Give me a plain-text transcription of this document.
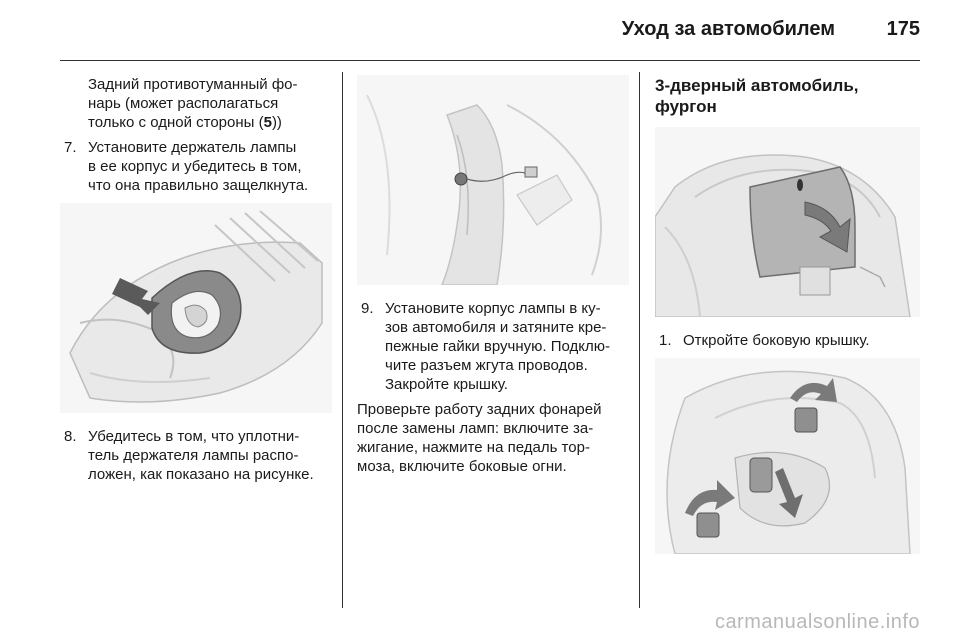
Уход за автомобилем	175

Задний противотуманный фо-
нарь (может располагаться
только с одной стороны (5))

7. Установите держатель лампы
в ее корпус и убедитесь в том,
что она правильно защелкнута.
8. Убедитесь в том, что уплотни-
тель держателя лампы распо-
ложен, как показано на рисунке.
9. Установите корпус лампы в ку-
зов автомобиля и затяните кре-
пежные гайки вручную. Подклю-
чите разъем жгута проводов.
Закройте крышку.

Проверьте работу задних фонарей
после замены ламп: включите за-
жигание, нажмите на педаль тор-
моза, включите боковые огни.

3-дверный автомобиль,
фургон

1. Откройте боковую крышку.
carmanualsonline.info
